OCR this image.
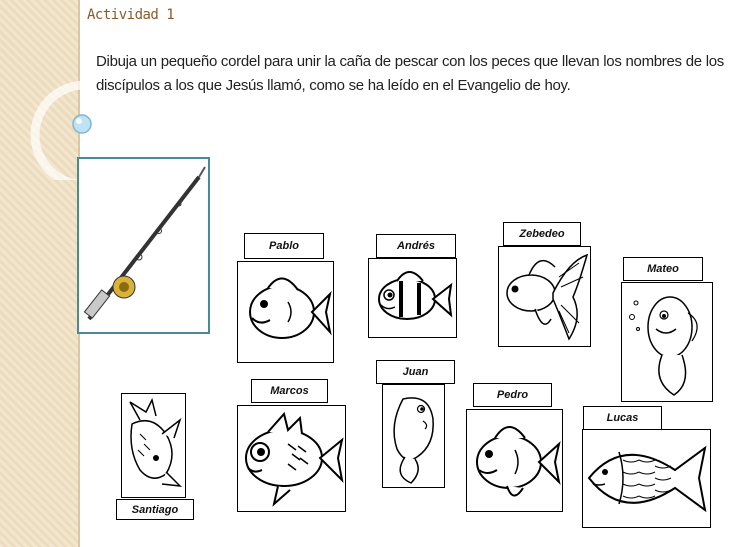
Actividad 1
Dibuja un pequeño cordel para unir la caña de pescar con los peces que llevan los nombres de los discípulos a los que Jesús llamó, como se ha leído en el Evangelio de hoy.
Pablo	Andrés
Zebedeo
Mateo
Juan
Marcos	Pedro
Lucas
Santiago
